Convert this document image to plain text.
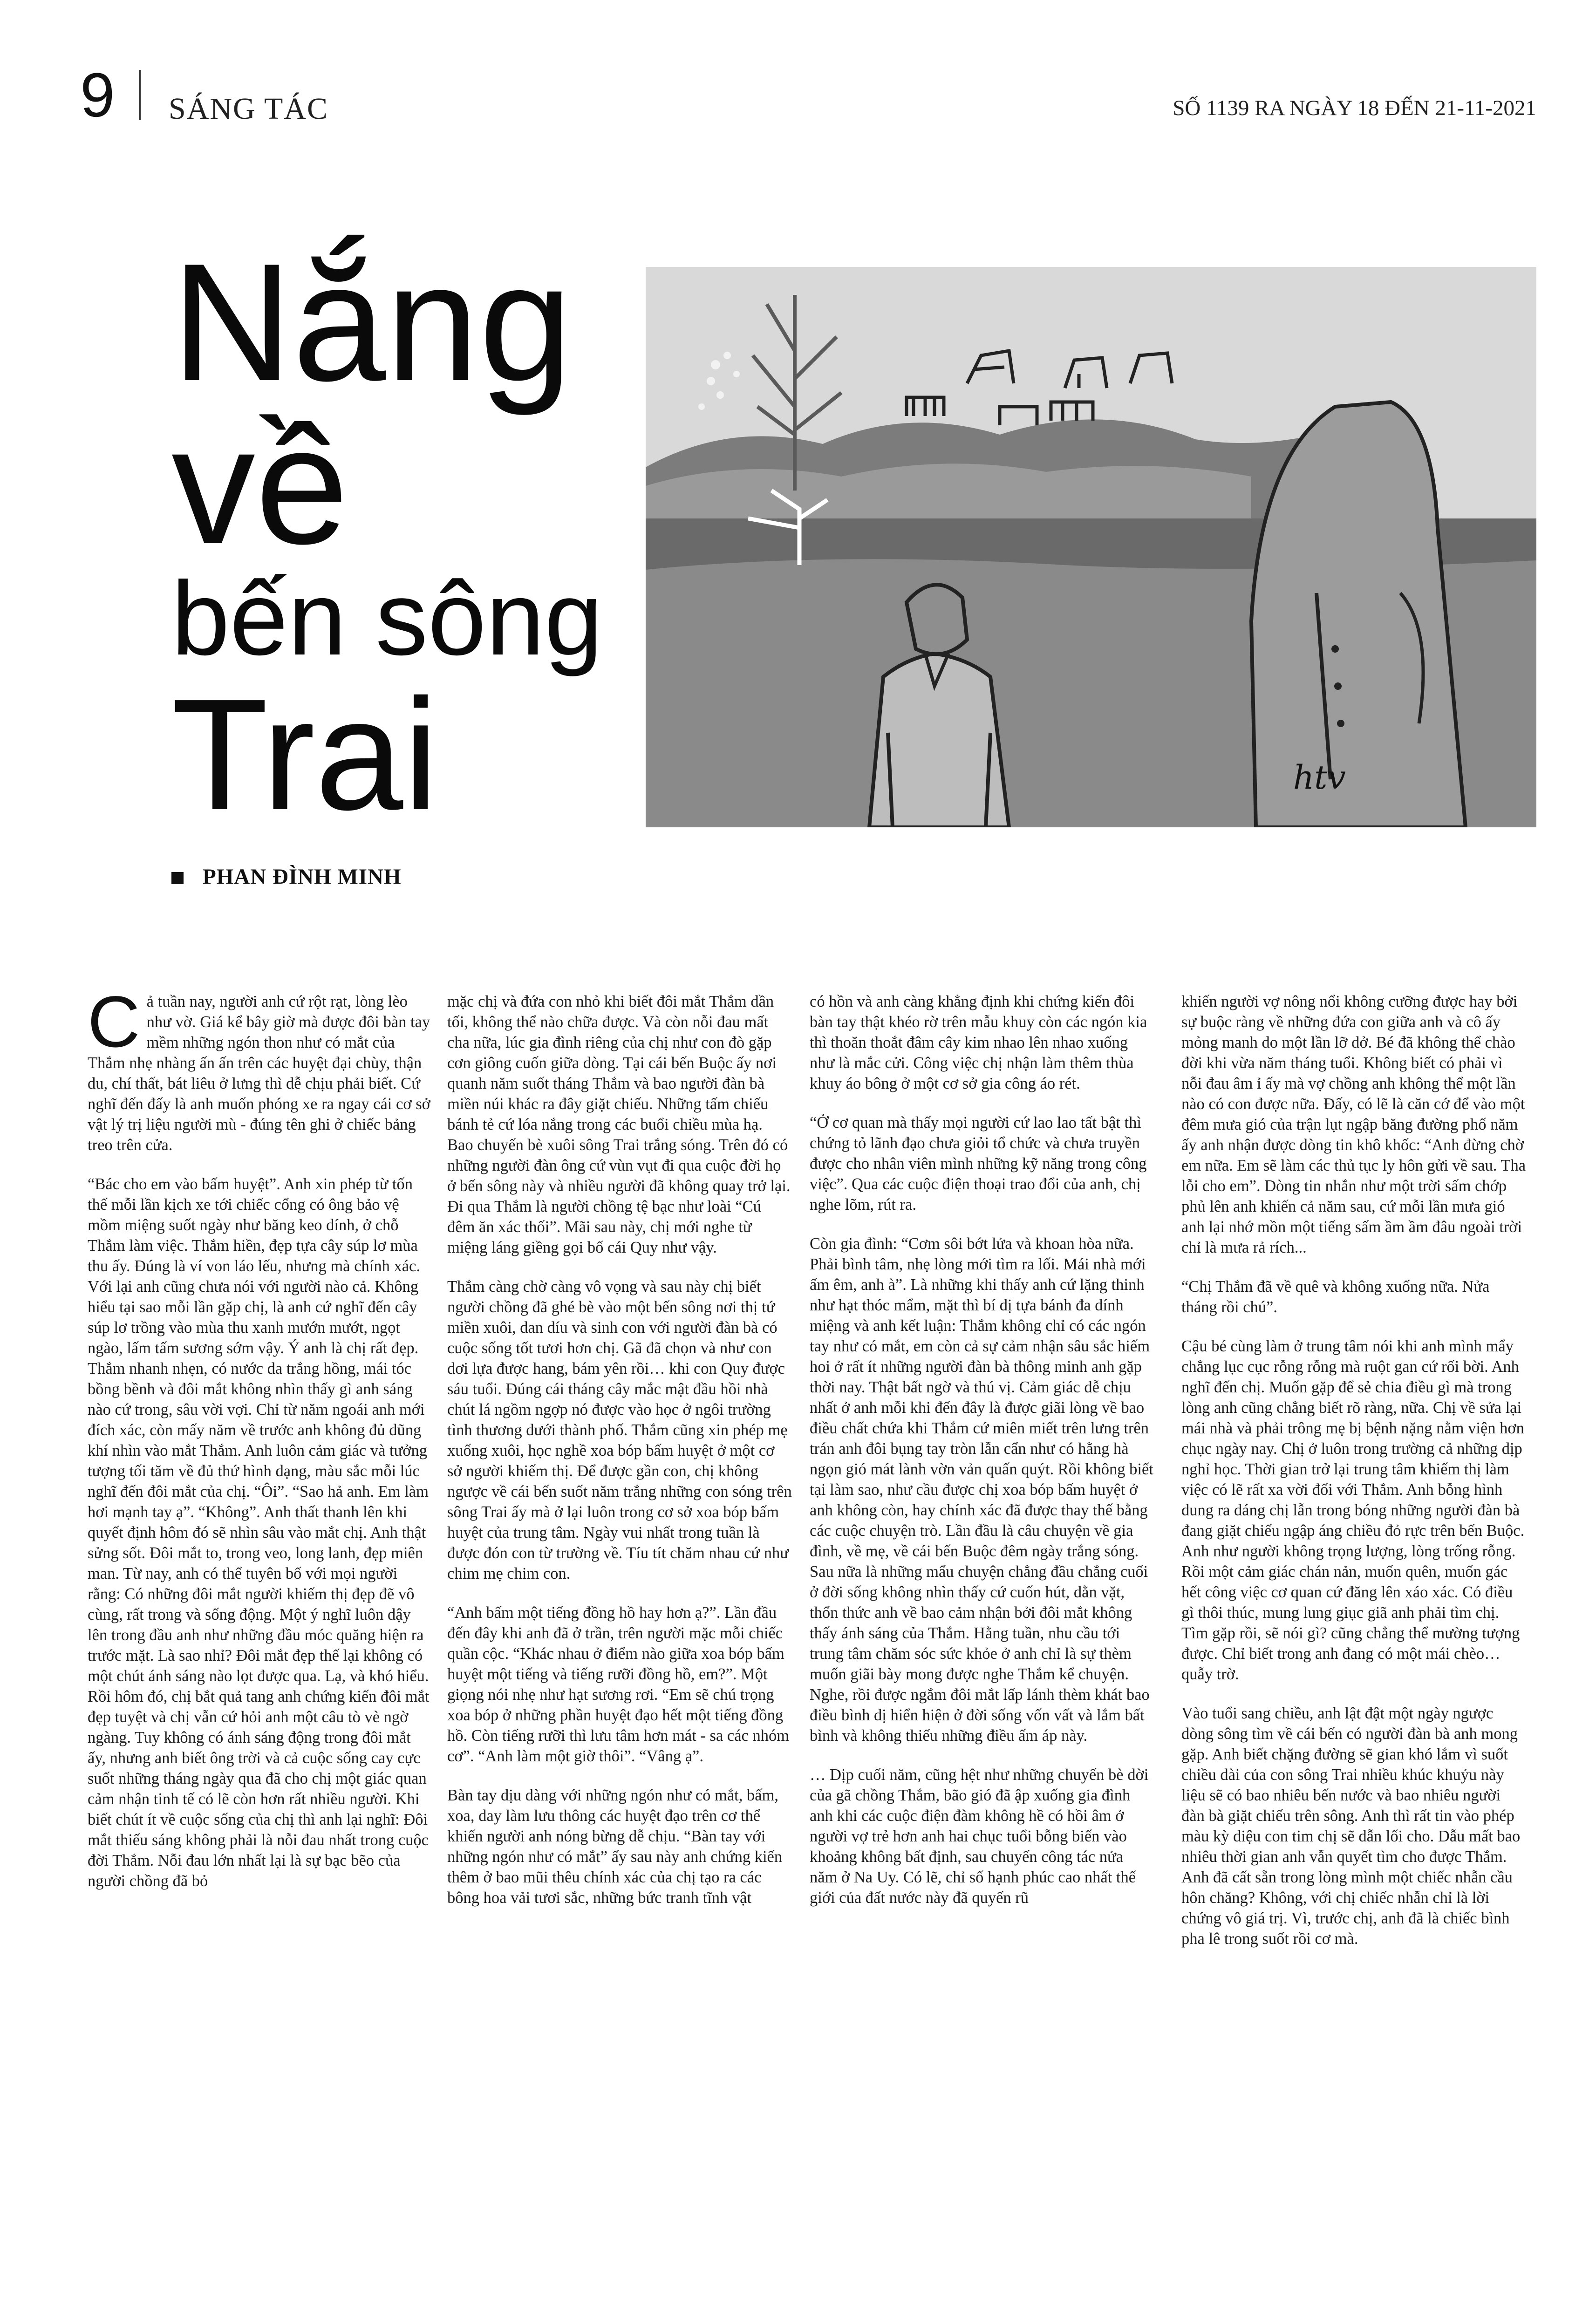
9 SÁNG TÁC	SỐ 1139 RA NGÀY 18 ĐẾN 21-11-2021
Nắng
về
bến sông
Trai
PHAN ĐÌNH MINH
htv

Cả tuần nay, người anh cứ rột rạt, lòng lèo như vờ. Giá kể bây giờ mà được đôi bàn tay mềm những ngón thon như có mắt của Thắm nhẹ nhàng ấn ấn trên các huyệt đại chùy, thận du, chí thất, bát liêu ở lưng thì dễ chịu phải biết. Cứ nghĩ đến đấy là anh muốn phóng xe ra ngay cái cơ sở vật lý trị liệu người mù - đúng tên ghi ở chiếc bảng treo trên cửa.

“Bác cho em vào bấm huyệt”. Anh xin phép từ tốn thế mỗi lần kịch xe tới chiếc cổng có ông bảo vệ mồm miệng suốt ngày như băng keo dính, ở chỗ Thắm làm việc. Thắm hiền, đẹp tựa cây súp lơ mùa thu ấy. Đúng là ví von láo lếu, nhưng mà chính xác. Với lại anh cũng chưa nói với người nào cả. Không hiểu tại sao mỗi lần gặp chị, là anh cứ nghĩ đến cây súp lơ trồng vào mùa thu xanh mướn mướt, ngọt ngào, lấm tấm sương sớm vậy. Ý anh là chị rất đẹp. Thắm nhanh nhẹn, có nước da trắng hồng, mái tóc bồng bềnh và đôi mắt không nhìn thấy gì anh sáng nào cứ trong, sâu vời vợi. Chỉ từ năm ngoái anh mới đích xác, còn mấy năm về trước anh không đủ dũng khí nhìn vào mắt Thắm. Anh luôn cảm giác và tưởng tượng tối tăm về đủ thứ hình dạng, màu sắc mỗi lúc nghĩ đến đôi mắt của chị. “Ôi”. “Sao hả anh. Em làm hơi mạnh tay ạ”. “Không”. Anh thất thanh lên khi quyết định hôm đó sẽ nhìn sâu vào mắt chị. Anh thật sửng sốt. Đôi mắt to, trong veo, long lanh, đẹp miên man. Từ nay, anh có thể tuyên bố với mọi người rằng: Có những đôi mắt người khiếm thị đẹp đẽ vô cùng, rất trong và sống động. Một ý nghĩ luôn dậy lên trong đầu anh như những đầu móc quăng hiện ra trước mặt. Là sao nhỉ? Đôi mắt đẹp thế lại không có một chút ánh sáng nào lọt được qua. Lạ, và khó hiểu. Rồi hôm đó, chị bắt quả tang anh chứng kiến đôi mắt đẹp tuyệt và chị vẫn cứ hỏi anh một câu tò vè ngờ ngàng. Tuy không có ánh sáng động trong đôi mắt ấy, nhưng anh biết ông trời và cả cuộc sống cay cực suốt những tháng ngày qua đã cho chị một giác quan cảm nhận tinh tế có lẽ còn hơn rất nhiều người. Khi biết chút ít về cuộc sống của chị thì anh lại nghĩ: Đôi mắt thiếu sáng không phải là nỗi đau nhất trong cuộc đời Thắm. Nỗi đau lớn nhất lại là sự bạc bẽo của người chồng đã bỏ

mặc chị và đứa con nhỏ khi biết đôi mắt Thắm dần tối, không thể nào chữa được. Và còn nỗi đau mất cha nữa, lúc gia đình riêng của chị như con đò gặp cơn giông cuốn giữa dòng. Tại cái bến Buộc ấy nơi quanh năm suốt tháng Thắm và bao người đàn bà miền núi khác ra đây giặt chiếu. Những tấm chiếu bánh tẻ cứ lóa nắng trong các buổi chiều mùa hạ. Bao chuyến bè xuôi sông Trai trắng sóng. Trên đó có những người đàn ông cứ vùn vụt đi qua cuộc đời họ ở bến sông này và nhiều người đã không quay trở lại. Đi qua Thắm là người chồng tệ bạc như loài “Cú đêm ăn xác thối”. Mãi sau này, chị mới nghe từ miệng láng giềng gọi bố cái Quy như vậy.

Thắm càng chờ càng vô vọng và sau này chị biết người chồng đã ghé bè vào một bến sông nơi thị tứ miền xuôi, dan díu và sinh con với người đàn bà có cuộc sống tốt tươi hơn chị. Gã đã chọn và như con dơi lựa được hang, bám yên rồi… khi con Quy được sáu tuổi. Đúng cái tháng cây mắc mật đầu hồi nhà chút lá ngồm ngợp nó được vào học ở ngôi trường tình thương dưới thành phố. Thắm cũng xin phép mẹ xuống xuôi, học nghề xoa bóp bấm huyệt ở một cơ sở người khiếm thị. Để được gần con, chị không ngược về cái bến suốt năm trắng những con sóng trên sông Trai ấy mà ở lại luôn trong cơ sở xoa bóp bấm huyệt của trung tâm. Ngày vui nhất trong tuần là được đón con từ trường về. Tíu tít chăm nhau cứ như chim mẹ chim con.

“Anh bấm một tiếng đồng hồ hay hơn ạ?”. Lần đầu đến đây khi anh đã ở trần, trên người mặc mỗi chiếc quần cộc. “Khác nhau ở điểm nào giữa xoa bóp bấm huyệt một tiếng và tiếng rưỡi đồng hồ, em?”. Một giọng nói nhẹ như hạt sương rơi. “Em sẽ chú trọng xoa bóp ở những phần huyệt đạo hết một tiếng đồng hồ. Còn tiếng rưỡi thì lưu tâm hơn mát - sa các nhóm cơ”. “Anh làm một giờ thôi”. “Vâng ạ”.

Bàn tay dịu dàng với những ngón như có mắt, bấm, xoa, day làm lưu thông các huyệt đạo trên cơ thể khiến người anh nóng bừng dễ chịu. “Bàn tay với những ngón như có mắt” ấy sau này anh chứng kiến thêm ở bao mũi thêu chính xác của chị tạo ra các bông hoa vải tươi sắc, những bức tranh tĩnh vật

có hồn và anh càng khẳng định khi chứng kiến đôi bàn tay thật khéo rờ trên mẫu khuy còn các ngón kia thì thoăn thoắt đâm cây kim nhao lên nhao xuống như là mắc cửi. Công việc chị nhận làm thêm thùa khuy áo bông ở một cơ sở gia công áo rét.

“Ở cơ quan mà thấy mọi người cứ lao lao tất bật thì chứng tỏ lãnh đạo chưa giỏi tổ chức và chưa truyền được cho nhân viên mình những kỹ năng trong công việc”. Qua các cuộc điện thoại trao đổi của anh, chị nghe lõm, rút ra.

Còn gia đình: “Cơm sôi bớt lửa và khoan hòa nữa. Phải bình tâm, nhẹ lòng mới tìm ra lối. Mái nhà mới ấm êm, anh à”. Là những khi thấy anh cứ lặng thinh như hạt thóc mẩm, mặt thì bí dị tựa bánh đa dính miệng và anh kết luận: Thắm không chỉ có các ngón tay như có mắt, em còn cả sự cảm nhận sâu sắc hiếm hoi ở rất ít những người đàn bà thông minh anh gặp thời nay. Thật bất ngờ và thú vị. Cảm giác dễ chịu nhất ở anh mỗi khi đến đây là được giãi lòng về bao điều chất chứa khi Thắm cứ miên miết trên lưng trên trán anh đôi bụng tay tròn lẫn cẩn như có hằng hà ngọn gió mát lành vờn vản quấn quýt. Rồi không biết tại làm sao, như cầu được chị xoa bóp bấm huyệt ở anh không còn, hay chính xác đã được thay thế bằng các cuộc chuyện trò. Lần đầu là câu chuyện về gia đình, về mẹ, về cái bến Buộc đêm ngày trắng sóng. Sau nữa là những mẩu chuyện chẳng đầu chẳng cuối ở đời sống không nhìn thấy cứ cuốn hút, dằn vặt, thổn thức anh về bao cảm nhận bởi đôi mắt không thấy ánh sáng của Thắm. Hằng tuần, nhu cầu tới trung tâm chăm sóc sức khỏe ở anh chỉ là sự thèm muốn giãi bày mong được nghe Thắm kể chuyện. Nghe, rồi được ngắm đôi mắt lấp lánh thèm khát bao điều bình dị hiển hiện ở đời sống vốn vất và lắm bất bình và không thiếu những điều ấm áp này.

… Dịp cuối năm, cũng hệt như những chuyến bè dời của gã chồng Thắm, bão gió đã ập xuống gia đình anh khi các cuộc điện đàm không hề có hồi âm ở người vợ trẻ hơn anh hai chục tuổi bỗng biến vào khoảng không bất định, sau chuyến công tác nửa năm ở Na Uy. Có lẽ, chỉ số hạnh phúc cao nhất thế giới của đất nước này đã quyến rũ

khiến người vợ nông nổi không cưỡng được hay bởi sự buộc ràng về những đứa con giữa anh và cô ấy mỏng manh do một lần lỡ dở. Bé đã không thể chào đời khi vừa năm tháng tuổi. Không biết có phải vì nỗi đau âm ỉ ấy mà vợ chồng anh không thể một lần nào có con được nữa. Đấy, có lẽ là căn cớ để vào một đêm mưa gió của trận lụt ngập băng đường phố năm ấy anh nhận được dòng tin khô khốc: “Anh đừng chờ em nữa. Em sẽ làm các thủ tục ly hôn gửi về sau. Tha lỗi cho em”. Dòng tin nhắn như một trời sấm chớp phủ lên anh khiến cả năm sau, cứ mỗi lần mưa gió anh lại nhớ mồn một tiếng sấm ầm ầm đâu ngoài trời chỉ là mưa rả rích...

“Chị Thắm đã về quê và không xuống nữa. Nửa tháng rồi chú”.

Cậu bé cùng làm ở trung tâm nói khi anh mình mẩy chẳng lục cục rỗng rỗng mà ruột gan cứ rối bời. Anh nghĩ đến chị. Muốn gặp để sẻ chia điều gì mà trong lòng anh cũng chẳng biết rõ ràng, nữa. Chị về sửa lại mái nhà và phải trông mẹ bị bệnh nặng nằm viện hơn chục ngày nay. Chị ở luôn trong trường cả những dịp nghỉ học. Thời gian trở lại trung tâm khiếm thị làm việc có lẽ rất xa vời đối với Thắm. Anh bỗng hình dung ra dáng chị lẫn trong bóng những người đàn bà đang giặt chiếu ngập áng chiều đỏ rực trên bến Buộc. Anh như người không trọng lượng, lòng trống rỗng. Rồi một cảm giác chán nản, muốn quên, muốn gác hết công việc cơ quan cứ đăng lên xáo xác. Có điều gì thôi thúc, mung lung giục giã anh phải tìm chị. Tìm gặp rồi, sẽ nói gì? cũng chẳng thể mường tượng được. Chỉ biết trong anh đang có một mái chèo… quẫy trờ.

Vào tuổi sang chiều, anh lật đật một ngày ngược dòng sông tìm về cái bến có người đàn bà anh mong gặp. Anh biết chặng đường sẽ gian khó lắm vì suốt chiều dài của con sông Trai nhiều khúc khuỷu này liệu sẽ có bao nhiêu bến nước và bao nhiêu người đàn bà giặt chiếu trên sông. Anh thì rất tin vào phép màu kỳ diệu con tim chị sẽ dẫn lối cho. Dẫu mất bao nhiêu thời gian anh vẫn quyết tìm cho được Thắm. Anh đã cất sẵn trong lòng mình một chiếc nhẫn cầu hôn chăng? Không, với chị chiếc nhẫn chỉ là lời chứng vô giá trị. Vì, trước chị, anh đã là chiếc bình pha lê trong suốt rồi cơ mà.
